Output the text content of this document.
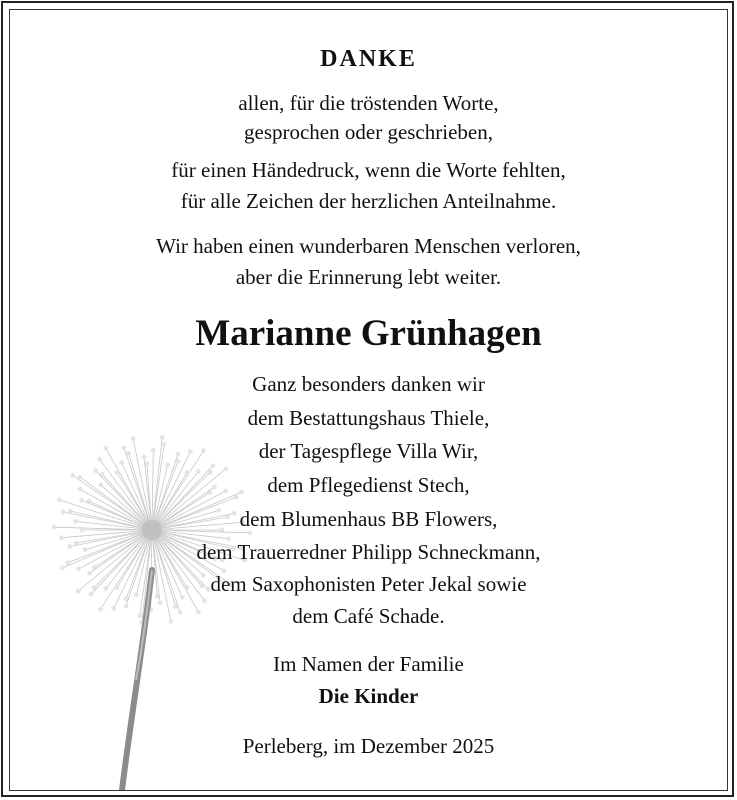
DANKE
allen, für die tröstenden Worte,
gesprochen oder geschrieben,
für einen Händedruck, wenn die Worte fehlten,
für alle Zeichen der herzlichen Anteilnahme.
Wir haben einen wunderbaren Menschen verloren,
aber die Erinnerung lebt weiter.
Marianne Grünhagen
Ganz besonders danken wir
dem Bestattungshaus Thiele,
der Tagespflege Villa Wir,
dem Pflegedienst Stech,
dem Blumenhaus BB Flowers,
dem Trauerredner Philipp Schneckmann,
dem Saxophonisten Peter Jekal sowie
dem Café Schade.
Im Namen der Familie
Die Kinder
Perleberg, im Dezember 2025
